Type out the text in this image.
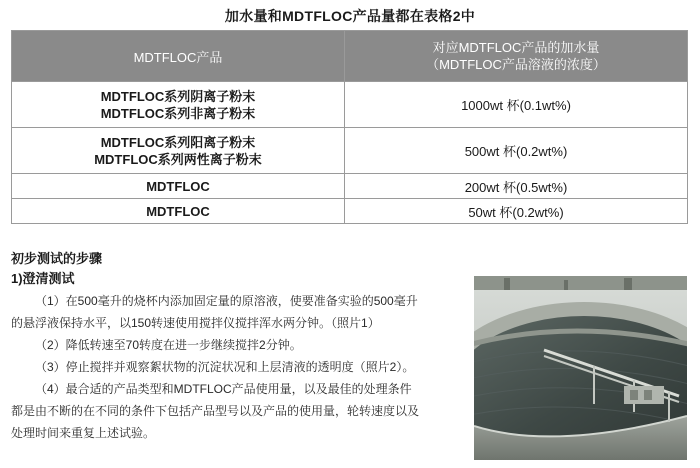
加水量和MDTFLOC产品量都在表格2中
MDTFLOC产品	对应MDTFLOC产品的加水量
（MDTFLOC产品溶液的浓度）

MDTFLOC系列阴离子粉末
MDTFLOC系列非离子粉末	1000wt 杯(0.1wt%)

MDTFLOC系列阳离子粉末
MDTFLOC系列两性离子粉末	500wt 杯(0.2wt%)
MDTFLOC	200wt 杯(0.5wt%)
MDTFLOC	50wt 杯(0.2wt%)
初步测试的步骤
1)澄清测试

（1）在500毫升的烧杯内添加固定量的原溶液，使要准备实验的500毫升

的悬浮液保持水平，以150转速使用搅拌仪搅拌浑水两分钟。（照片1）

（2）降低转速至70转度在进一步继续搅拌2分钟。

（3）停止搅拌并观察絮状物的沉淀状况和上层清液的透明度（照片2）。

（4）最合适的产品类型和MDTFLOC产品使用量，以及最佳的处理条件

都是由不断的在不同的条件下包括产品型号以及产品的使用量，轮转速度以及

处理时间来重复上述试验。
